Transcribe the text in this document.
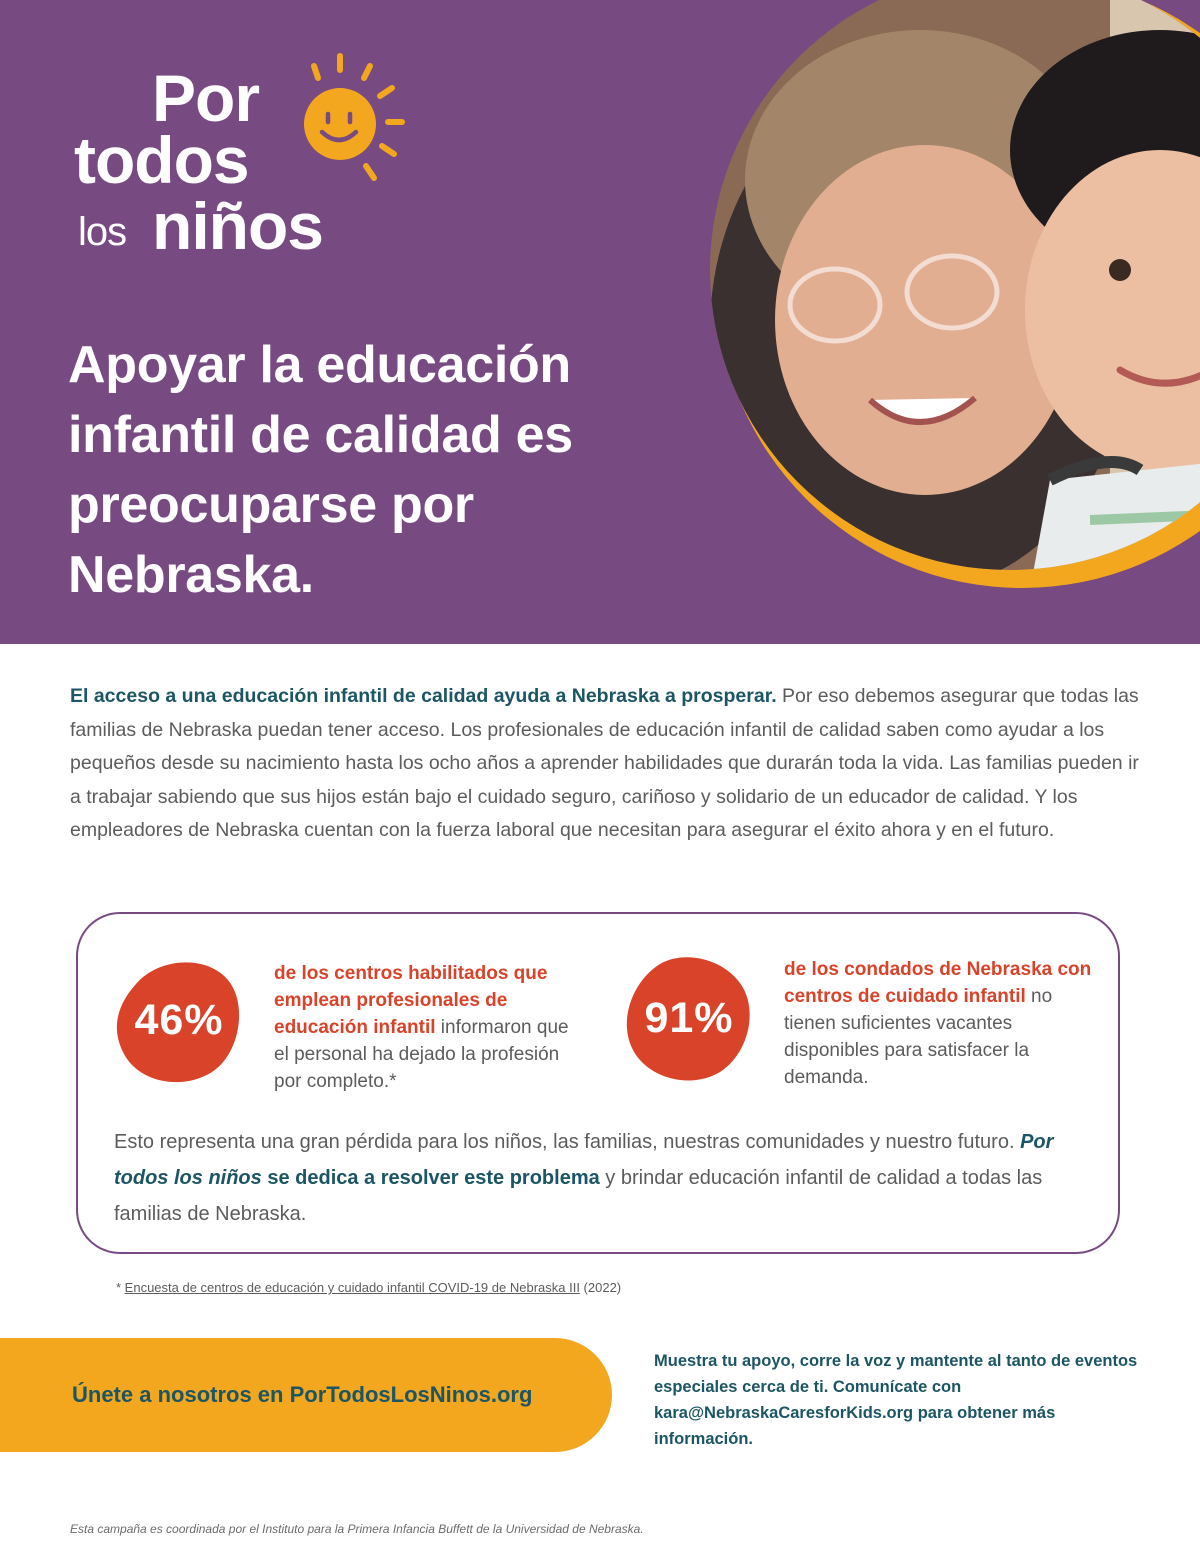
Por
todos
los niños
Apoyar la educación infantil de calidad es preocuparse por Nebraska.

El acceso a una educación infantil de calidad ayuda a Nebraska a prosperar. Por eso debemos asegurar que todas las familias de Nebraska puedan tener acceso. Los profesionales de educación infantil de calidad saben como ayudar a los pequeños desde su nacimiento hasta los ocho años a aprender habilidades que durarán toda la vida. Las familias pueden ir a trabajar sabiendo que sus hijos están bajo el cuidado seguro, cariñoso y solidario de un educador de calidad. Y los empleadores de Nebraska cuentan con la fuerza laboral que necesitan para asegurar el éxito ahora y en el futuro.

46%

de los centros habilitados que emplean profesionales de educación infantil informaron que el personal ha dejado la profesión por completo.*

91%

de los condados de Nebraska con centros de cuidado infantil no tienen suficientes vacantes disponibles para satisfacer la demanda.

Esto representa una gran pérdida para los niños, las familias, nuestras comunidades y nuestro futuro. Por todos los niños se dedica a resolver este problema y brindar educación infantil de calidad a todas las familias de Nebraska.

* Encuesta de centros de educación y cuidado infantil COVID-19 de Nebraska III (2022)

Únete a nosotros en PorTodosLosNinos.org

Muestra tu apoyo, corre la voz y mantente al tanto de eventos especiales cerca de ti. Comunícate con kara@NebraskaCaresforKids.org para obtener más información.

Esta campaña es coordinada por el Instituto para la Primera Infancia Buffett de la Universidad de Nebraska.
